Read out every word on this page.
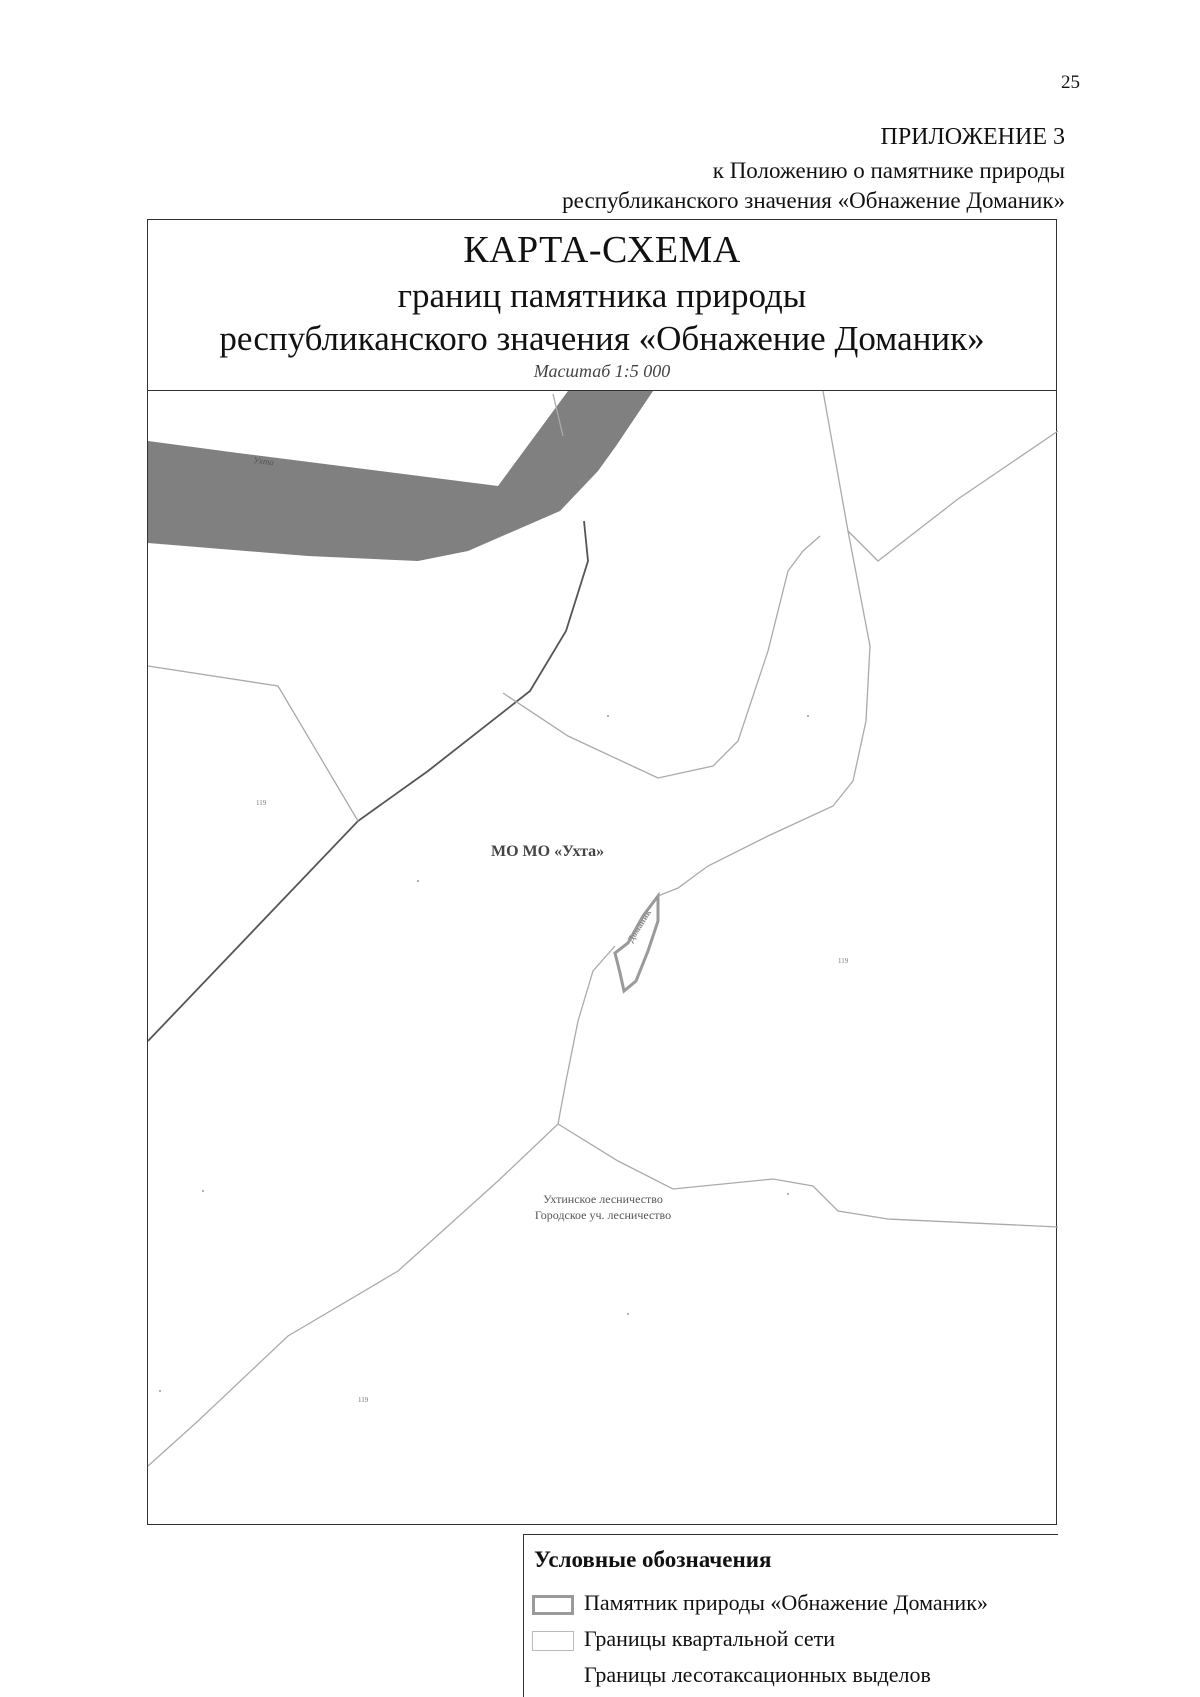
25
ПРИЛОЖЕНИЕ 3
к Положению о памятнике природы
республиканского значения «Обнажение Доманик»
КАРТА-СХЕМА
границ памятника природы
республиканского значения «Обнажение Доманик»
Масштаб 1:5 000
Ухта
МО МО «Ухта»
Ухтинское лесничество
Городское уч. лесничество
Доманик
119
119
119
Условные обозначения
Памятник природы «Обнажение Доманик»
Границы квартальной сети
Границы лесотаксационных выделов
